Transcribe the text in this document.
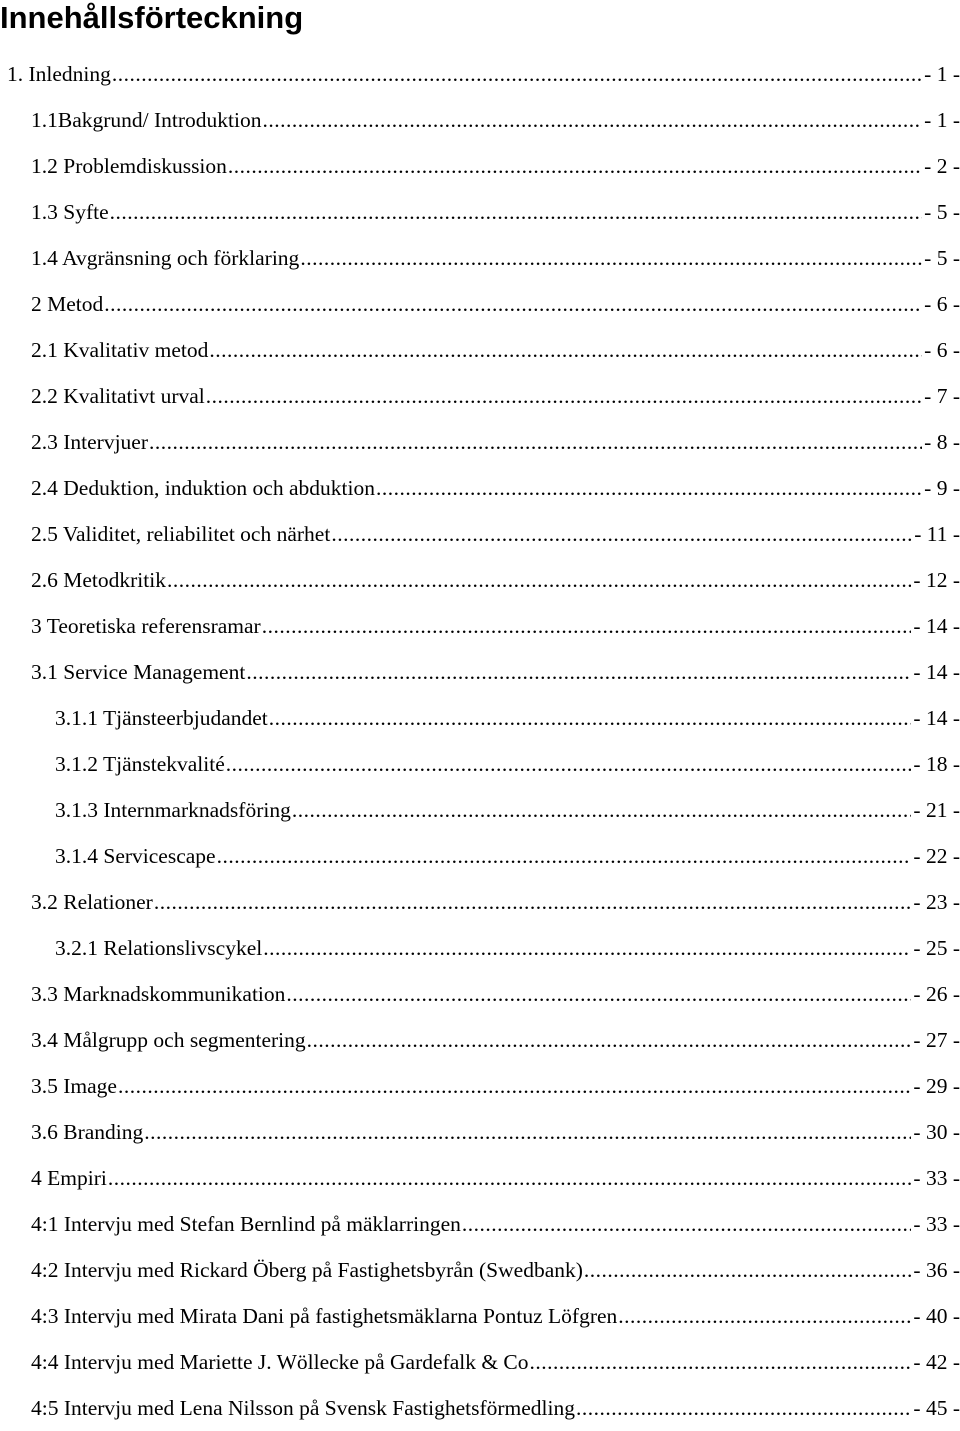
Innehållsförteckning
1. Inledning .....	- 1 -
1.1Bakgrund/ Introduktion .....	- 1 -
1.2 Problemdiskussion .....	- 2 -
1.3 Syfte .....	- 5 -
1.4 Avgränsning och förklaring .....	- 5 -
2 Metod .....	- 6 -
2.1 Kvalitativ metod .....	- 6 -
2.2 Kvalitativt urval .....	- 7 -
2.3 Intervjuer .....	- 8 -
2.4 Deduktion, induktion och abduktion .....	- 9 -
2.5 Validitet, reliabilitet och närhet .....	- 11 -
2.6 Metodkritik .....	- 12 -
3 Teoretiska referensramar .....	- 14 -
3.1 Service Management .....	- 14 -
3.1.1 Tjänsteerbjudandet .....	- 14 -
3.1.2 Tjänstekvalité .....	- 18 -
3.1.3 Internmarknadsföring .....	- 21 -
3.1.4 Servicescape .....	- 22 -
3.2 Relationer .....	- 23 -
3.2.1 Relationslivscykel .....	- 25 -
3.3 Marknadskommunikation .....	- 26 -
3.4 Målgrupp och segmentering .....	- 27 -
3.5 Image .....	- 29 -
3.6 Branding .....	- 30 -
4 Empiri .....	- 33 -
4:1 Intervju med Stefan Bernlind på mäklarringen .....	- 33 -
4:2 Intervju med Rickard Öberg på Fastighetsbyrån (Swedbank) .....	- 36 -
4:3 Intervju med Mirata Dani på fastighetsmäklarna Pontuz Löfgren .....	- 40 -
4:4 Intervju med Mariette J. Wöllecke på Gardefalk & Co .....	- 42 -
4:5 Intervju med Lena Nilsson på Svensk Fastighetsförmedling .....	- 45 -
